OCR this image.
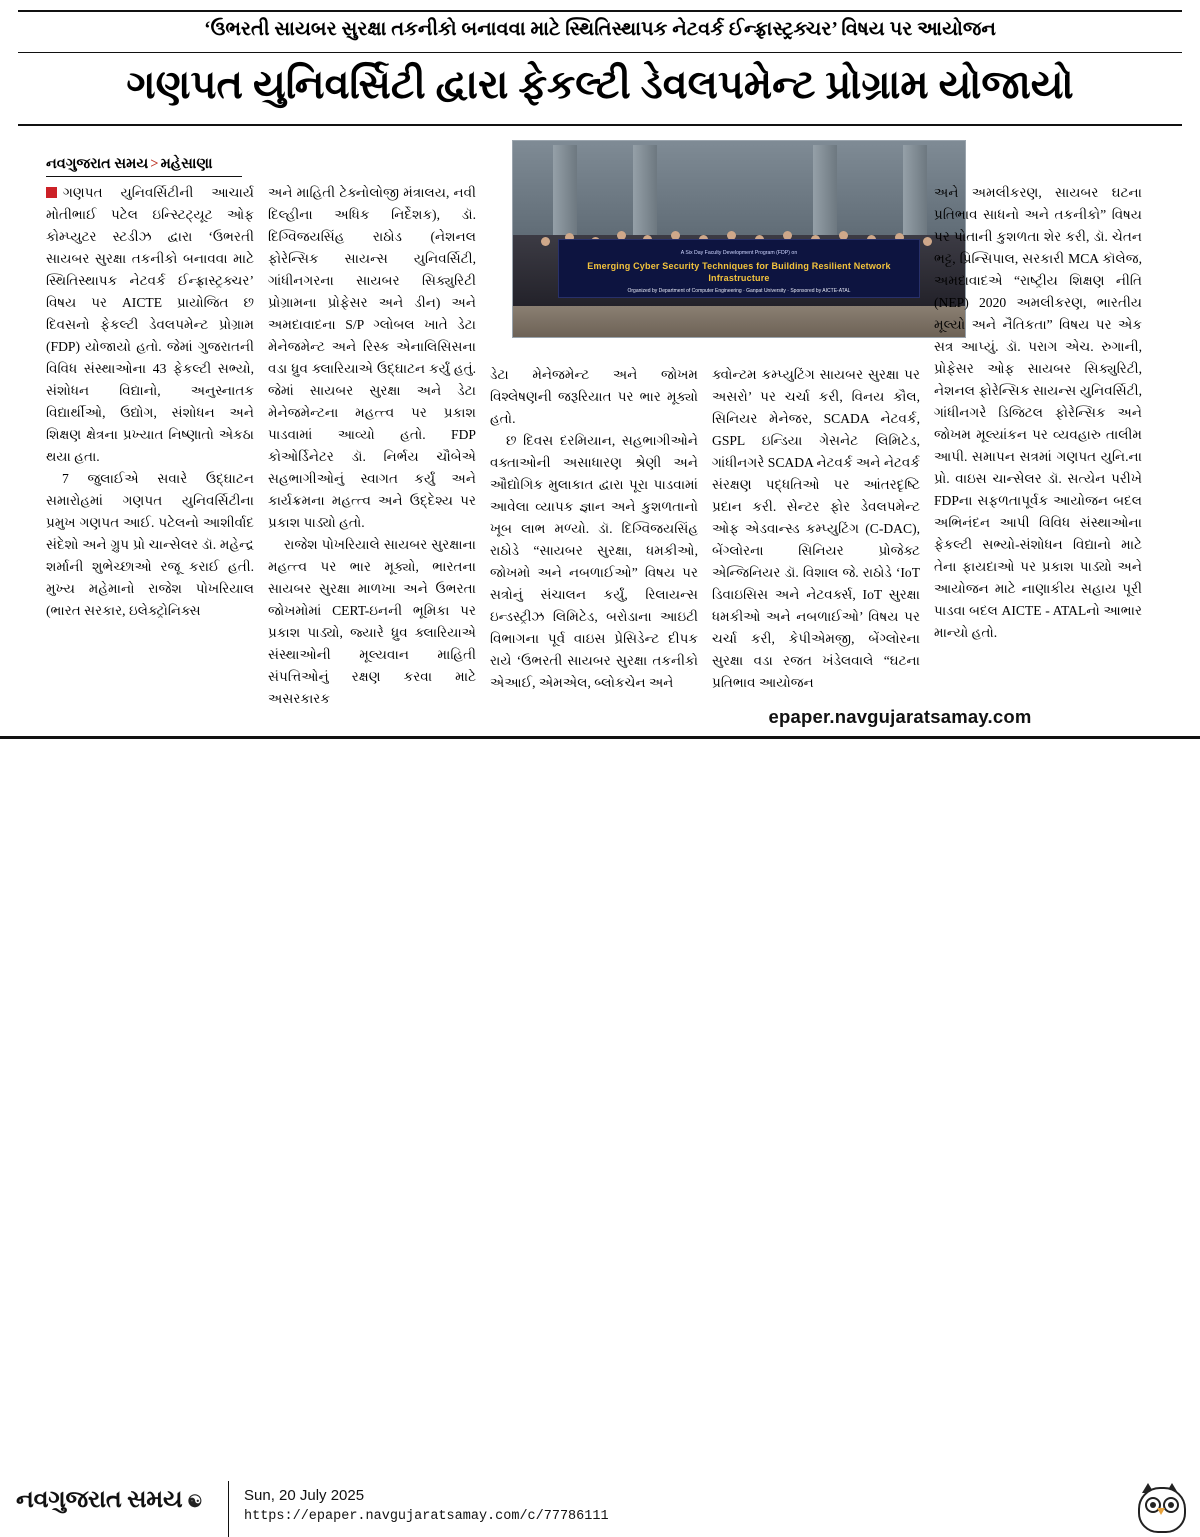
‘ઉભરતી સાયબર સુરક્ષા તકનીકો બનાવવા માટે સ્થિતિસ્થાપક નેટવર્ક ઈન્ફ્રાસ્ટ્રક્ચર’ વિષય પર આયોજન
ગણપત યુનિવર્સિટી દ્વારા ફેકલ્ટી ડેવલપમેન્ટ પ્રોગ્રામ યોજાયો
નવગુજરાત સમય > મહેસાણા
A Six Day Faculty Development Program (FDP) on
Emerging Cyber Security Techniques for Building Resilient Network Infrastructure
Organized by Department of Computer Engineering · Ganpat University · Sponsored by AICTE-ATAL

ગણપત યુનિવર્સિટીની આચાર્ય મોતીભાઈ પટેલ ઇન્સ્ટિટ્યૂટ ઓફ કોમ્પ્યુટર સ્ટડીઝ દ્વારા ‘ઉભરતી સાયબર સુરક્ષા તકનીકો બનાવવા માટે સ્થિતિસ્થાપક નેટવર્ક ઈન્ફ્રાસ્ટ્રક્ચર’ વિષય પર AICTE પ્રાયોજિત છ દિવસનો ફેકલ્ટી ડેવલપમેન્ટ પ્રોગ્રામ (FDP) યોજાયો હતો. જેમાં ગુજરાતની વિવિધ સંસ્થાઓના 43 ફેકલ્ટી સભ્યો, સંશોધન વિદ્યાનો, અનુસ્નાતક વિદ્યાર્થીઓ, ઉદ્યોગ, સંશોધન અને શિક્ષણ ક્ષેત્રના પ્રખ્યાત નિષ્ણાતો એકઠા થયા હતા.

7 જુલાઈએ સવારે ઉદ્ઘાટન સમારોહમાં ગણપત યુનિવર્સિટીના પ્રમુખ ગણપત આઈ. પટેલનો આશીર્વાદ સંદેશો અને ગ્રુપ પ્રો ચાન્સેલર ડૉ. મહેન્દ્ર શર્માની શુભેચ્છાઓ રજૂ કરાઈ હતી. મુખ્ય મહેમાનો રાજેશ પોખરિયાલ (ભારત સરકાર, ઇલેક્ટ્રોનિક્સ

અને માહિતી ટેક્નોલોજી મંત્રાલય, નવી દિલ્હીના અધિક નિર્દેશક), ડૉ. દિગ્વિજયસિંહ રાઠોડ (નેશનલ ફોરેન્સિક સાયન્સ યુનિવર્સિટી, ગાંધીનગરના સાયબર સિક્યુરિટી પ્રોગ્રામના પ્રોફેસર અને ડીન) અને અમદાવાદના S/P ગ્લોબલ ખાતે ડેટા મેનેજમેન્ટ અને રિસ્ક એનાલિસિસના વડા ધ્રુવ ક્લારિયાએ ઉદ્ઘાટન કર્યું હતું. જેમાં સાયબર સુરક્ષા અને ડેટા મેનેજમેન્ટના મહત્ત્વ પર પ્રકાશ પાડવામાં આવ્યો હતો. FDP કોઓર્ડિનેટર ડૉ. નિર્ભય ચૌબેએ સહભાગીઓનું સ્વાગત કર્યું અને કાર્યક્રમના મહત્ત્વ અને ઉદ્દેશ્ય પર પ્રકાશ પાડ્યો હતો.

રાજેશ પોખરિયાલે સાયબર સુરક્ષાના મહત્ત્વ પર ભાર મૂક્યો, ભારતના સાયબર સુરક્ષા માળખા અને ઉભરતા જોખમોમાં CERT-ઇનની ભૂમિકા પર પ્રકાશ પાડ્યો, જ્યારે ધ્રુવ ક્લારિયાએ સંસ્થાઓની મૂલ્યવાન માહિતી સંપત્તિઓનું રક્ષણ કરવા માટે અસરકારક

ડેટા મેનેજમેન્ટ અને જોખમ વિશ્લેષણની જરૂરિયાત પર ભાર મૂક્યો હતો.

છ દિવસ દરમિયાન, સહભાગીઓને વક્તાઓની અસાધારણ શ્રેણી અને ઔદ્યોગિક મુલાકાત દ્વારા પૂરા પાડવામાં આવેલા વ્યાપક જ્ઞાન અને કુશળતાનો ખૂબ લાભ મળ્યો. ડૉ. દિગ્વિજયસિંહ રાઠોડે “સાયબર સુરક્ષા, ધમકીઓ, જોખમો અને નબળાઈઓ” વિષય પર સત્રોનું સંચાલન કર્યું, રિલાયન્સ ઇન્ડસ્ટ્રીઝ લિમિટેડ, બરોડાના આઇટી વિભાગના પૂર્વ વાઇસ પ્રેસિડેન્ટ દીપક રાયે ‘ઉભરતી સાયબર સુરક્ષા તકનીકો એઆઈ, એમએલ, બ્લોકચેન અને

ક્વોન્ટમ કમ્પ્યુટિંગ સાયબર સુરક્ષા પર અસરો’ પર ચર્ચા કરી, વિનય કૌલ, સિનિયર મેનેજર, SCADA નેટવર્ક, GSPL ઇન્ડિયા ગેસનેટ લિમિટેડ, ગાંધીનગરે SCADA નેટવર્ક અને નેટવર્ક સંરક્ષણ પદ્ધતિઓ પર આંતરદૃષ્ટિ પ્રદાન કરી. સેન્ટર ફોર ડેવલપમેન્ટ ઓફ એડવાન્સ્ડ કમ્પ્યુટિંગ (C-DAC), બેંગ્લોરના સિનિયર પ્રોજેક્ટ એન્જિનિયર ડૉ. વિશાલ જે. રાઠોડે ‘IoT ડિવાઇસિસ અને નેટવર્ક્સ, IoT સુરક્ષા ધમકીઓ અને નબળાઈઓ’ વિષય પર ચર્ચા કરી, કેપીએમજી, બેંગ્લોરના સુરક્ષા વડા રજત ખંડેલવાલે “ઘટના પ્રતિભાવ આયોજન

અને અમલીકરણ, સાયબર ઘટના પ્રતિભાવ સાધનો અને તકનીકો” વિષય પર પોતાની કુશળતા શેર કરી, ડૉ. ચેતન ભટ્ટ, પ્રિન્સિપાલ, સરકારી MCA કૉલેજ, અમદાવાદએ “રાષ્ટ્રીય શિક્ષણ નીતિ (NEP) 2020 અમલીકરણ, ભારતીય મૂલ્યો અને નૈતિકતા” વિષય પર એક સત્ર આપ્યું. ડૉ. પરાગ એચ. રુગાની, પ્રોફેસર ઓફ સાયબર સિક્યુરિટી, નેશનલ ફોરેન્સિક સાયન્સ યુનિવર્સિટી, ગાંધીનગરે ડિજિટલ ફોરેન્સિક અને જોખમ મૂલ્યાંકન પર વ્યવહારુ તાલીમ આપી. સમાપન સત્રમાં ગણપત યુનિ.ના પ્રો. વાઇસ ચાન્સેલર ડૉ. સત્યેન પરીખે FDPના સફળતાપૂર્વક આયોજન બદલ અભિનંદન આપી વિવિધ સંસ્થાઓના ફેકલ્ટી સભ્યો-સંશોધન વિદ્યાનો માટે તેના ફાયદાઓ પર પ્રકાશ પાડ્યો અને આયોજન માટે નાણાકીય સહાય પૂરી પાડવા બદલ AICTE - ATALનો આભાર માન્યો હતો.

epaper.navgujaratsamay.com
નવગુજરાત સમય ☯	Sun, 20 July 2025
https://epaper.navgujaratsamay.com/c/77786111
